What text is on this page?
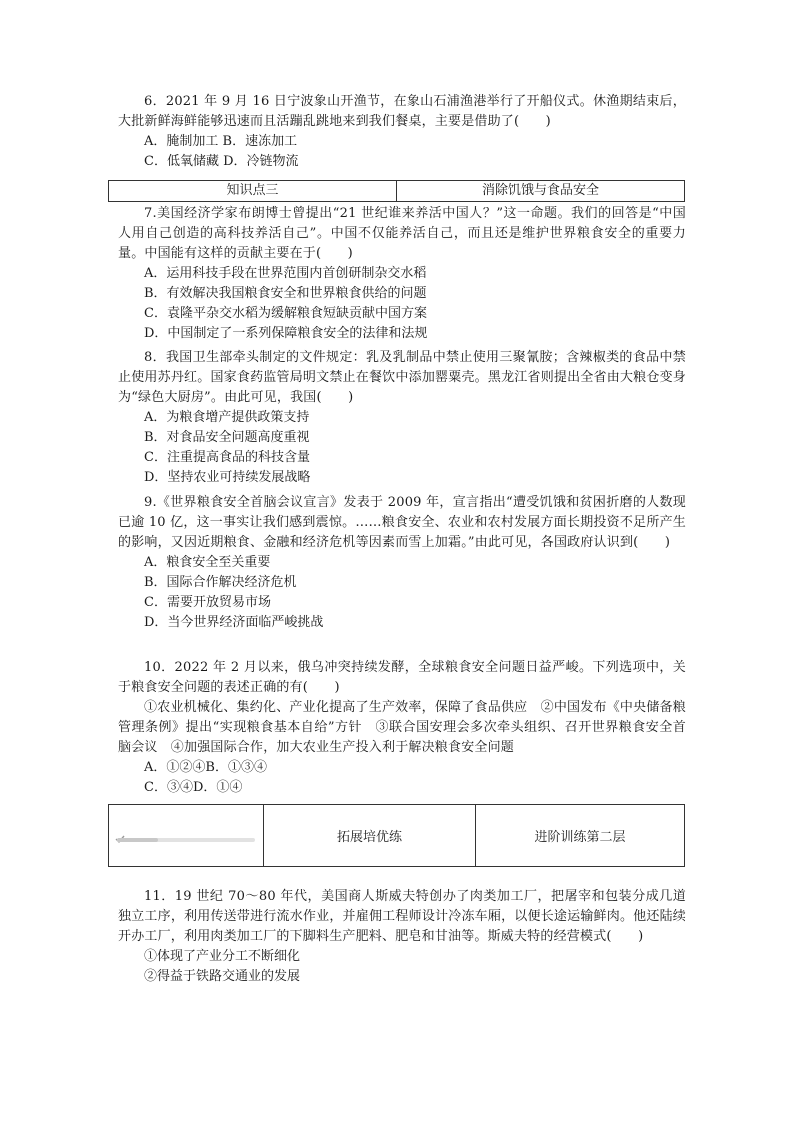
6．2021 年 9 月 16 日宁波象山开渔节，在象山石浦渔港举行了开船仪式。休渔期结束后，大批新鲜海鲜能够迅速而且活蹦乱跳地来到我们餐桌，主要是借助了(　　)

A．腌制加工 B．速冻加工

C．低氧储藏 D．冷链物流

知识点三	消除饥饿与食品安全

7.美国经济学家布朗博士曾提出“21 世纪谁来养活中国人？”这一命题。我们的回答是“中国人用自己创造的高科技养活自己”。中国不仅能养活自己，而且还是维护世界粮食安全的重要力量。中国能有这样的贡献主要在于(　　)

A．运用科技手段在世界范围内首创研制杂交水稻

B．有效解决我国粮食安全和世界粮食供给的问题

C．袁隆平杂交水稻为缓解粮食短缺贡献中国方案

D．中国制定了一系列保障粮食安全的法律和法规

8．我国卫生部牵头制定的文件规定：乳及乳制品中禁止使用三聚氰胺；含辣椒类的食品中禁止使用苏丹红。国家食药监管局明文禁止在餐饮中添加罂粟壳。黑龙江省则提出全省由大粮仓变身为“绿色大厨房”。由此可见，我国(　　)

A．为粮食增产提供政策支持

B．对食品安全问题高度重视

C．注重提高食品的科技含量

D．坚持农业可持续发展战略

9.《世界粮食安全首脑会议宣言》发表于 2009 年，宣言指出“遭受饥饿和贫困折磨的人数现已逾 10 亿，这一事实让我们感到震惊。……粮食安全、农业和农村发展方面长期投资不足所产生的影响，又因近期粮食、金融和经济危机等因素而雪上加霜。”由此可见，各国政府认识到(　　)

A．粮食安全至关重要

B．国际合作解决经济危机

C．需要开放贸易市场

D．当今世界经济面临严峻挑战

10．2022 年 2 月以来，俄乌冲突持续发酵，全球粮食安全问题日益严峻。下列选项中，关于粮食安全问题的表述正确的有(　　)

①农业机械化、集约化、产业化提高了生产效率，保障了食品供应　②中国发布《中央储备粮管理条例》提出“实现粮食基本自给”方针　③联合国安理会多次牵头组织、召开世界粮食安全首脑会议　④加强国际合作，加大农业生产投入利于解决粮食安全问题

A．①②④B．①③④

C．③④D．①④

拓展培优练	进阶训练第二层

11．19 世纪 70～80 年代，美国商人斯威夫特创办了肉类加工厂，把屠宰和包装分成几道独立工序，利用传送带进行流水作业，并雇佣工程师设计冷冻车厢，以便长途运输鲜肉。他还陆续开办工厂，利用肉类加工厂的下脚料生产肥料、肥皂和甘油等。斯威夫特的经营模式(　　)

①体现了产业分工不断细化

②得益于铁路交通业的发展
